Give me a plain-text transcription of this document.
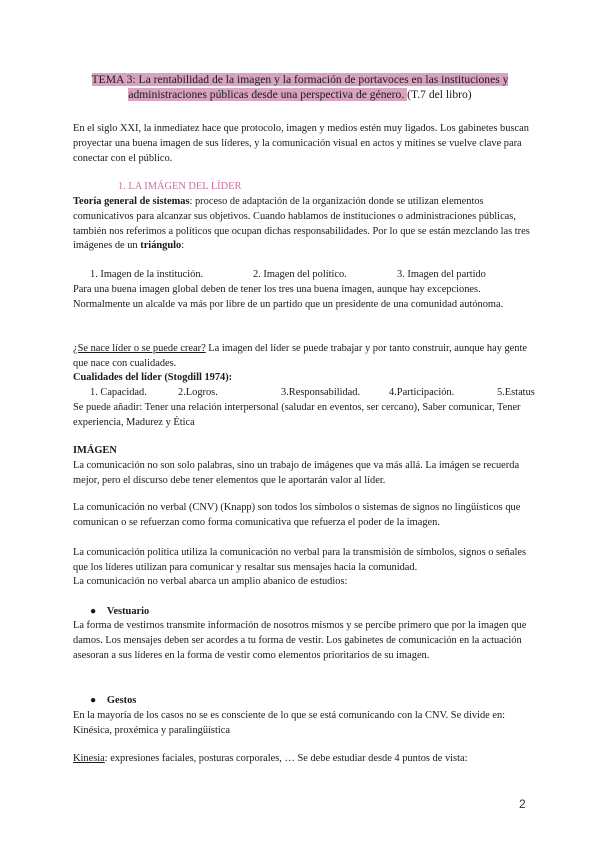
TEMA 3: La rentabilidad de la imagen y la formación de portavoces en las instituciones y administraciones públicas desde una perspectiva de género. (T.7 del libro)

En el siglo XXI, la inmediatez hace que protocolo, imagen y medios estén muy ligados. Los gabinetes buscan proyectar una buena imagen de sus líderes, y la comunicación visual en actos y mítines se vuelve clave para conectar con el público.

1. LA IMÁGEN DEL LÍDER

Teoría general de sistemas: proceso de adaptación de la organización donde se utilizan elementos comunicativos para alcanzar sus objetivos. Cuando hablamos de instituciones o administraciones públicas, también nos referimos a políticos que ocupan dichas responsabilidades. Por lo que se están mezclando las tres imágenes de un triángulo:

1. Imagen de la institución.	2. Imagen del político.	3. Imagen del partido

Para una buena imagen global deben de tener los tres una buena imagen, aunque hay excepciones. Normalmente un alcalde va más por libre de un partido que un presidente de una comunidad autónoma.

¿Se nace líder o se puede crear? La imagen del líder se puede trabajar y por tanto construir, aunque hay gente que nace con cualidades.

Cualidades del líder (Stogdill 1974):
1. Capacidad.	2.Logros.	3.Responsabilidad.	4.Participación.	5.Estatus

Se puede añadir: Tener una relación interpersonal (saludar en eventos, ser cercano), Saber comunicar, Tener experiencia, Madurez y Ética

IMÁGEN

La comunicación no son solo palabras, sino un trabajo de imágenes que va más allá. La imágen se recuerda mejor, pero el discurso debe tener elementos que le aportarán valor al líder.

La comunicación no verbal (CNV) (Knapp) son todos los símbolos o sistemas de signos no lingüísticos que comunican o se refuerzan como forma comunicativa que refuerza el poder de la imagen.

La comunicación política utiliza la comunicación no verbal para la transmisión de símbolos, signos o señales que los líderes utilizan para comunicar y resaltar sus mensajes hacia la comunidad.

La comunicación no verbal abarca un amplio abanico de estudios:

● Vestuario

La forma de vestirnos transmite información de nosotros mismos y se percibe primero que por la imagen que damos. Los mensajes deben ser acordes a tu forma de vestir. Los gabinetes de comunicación en la actuación asesoran a sus líderes en la forma de vestir como elementos prioritarios de su imagen.

● Gestos

En la mayoría de los casos no se es consciente de lo que se está comunicando con la CNV. Se divide en: Kinésica, proxémica y paralingüística

Kinesia: expresiones faciales, posturas corporales, … Se debe estudiar desde 4 puntos de vista:

2
